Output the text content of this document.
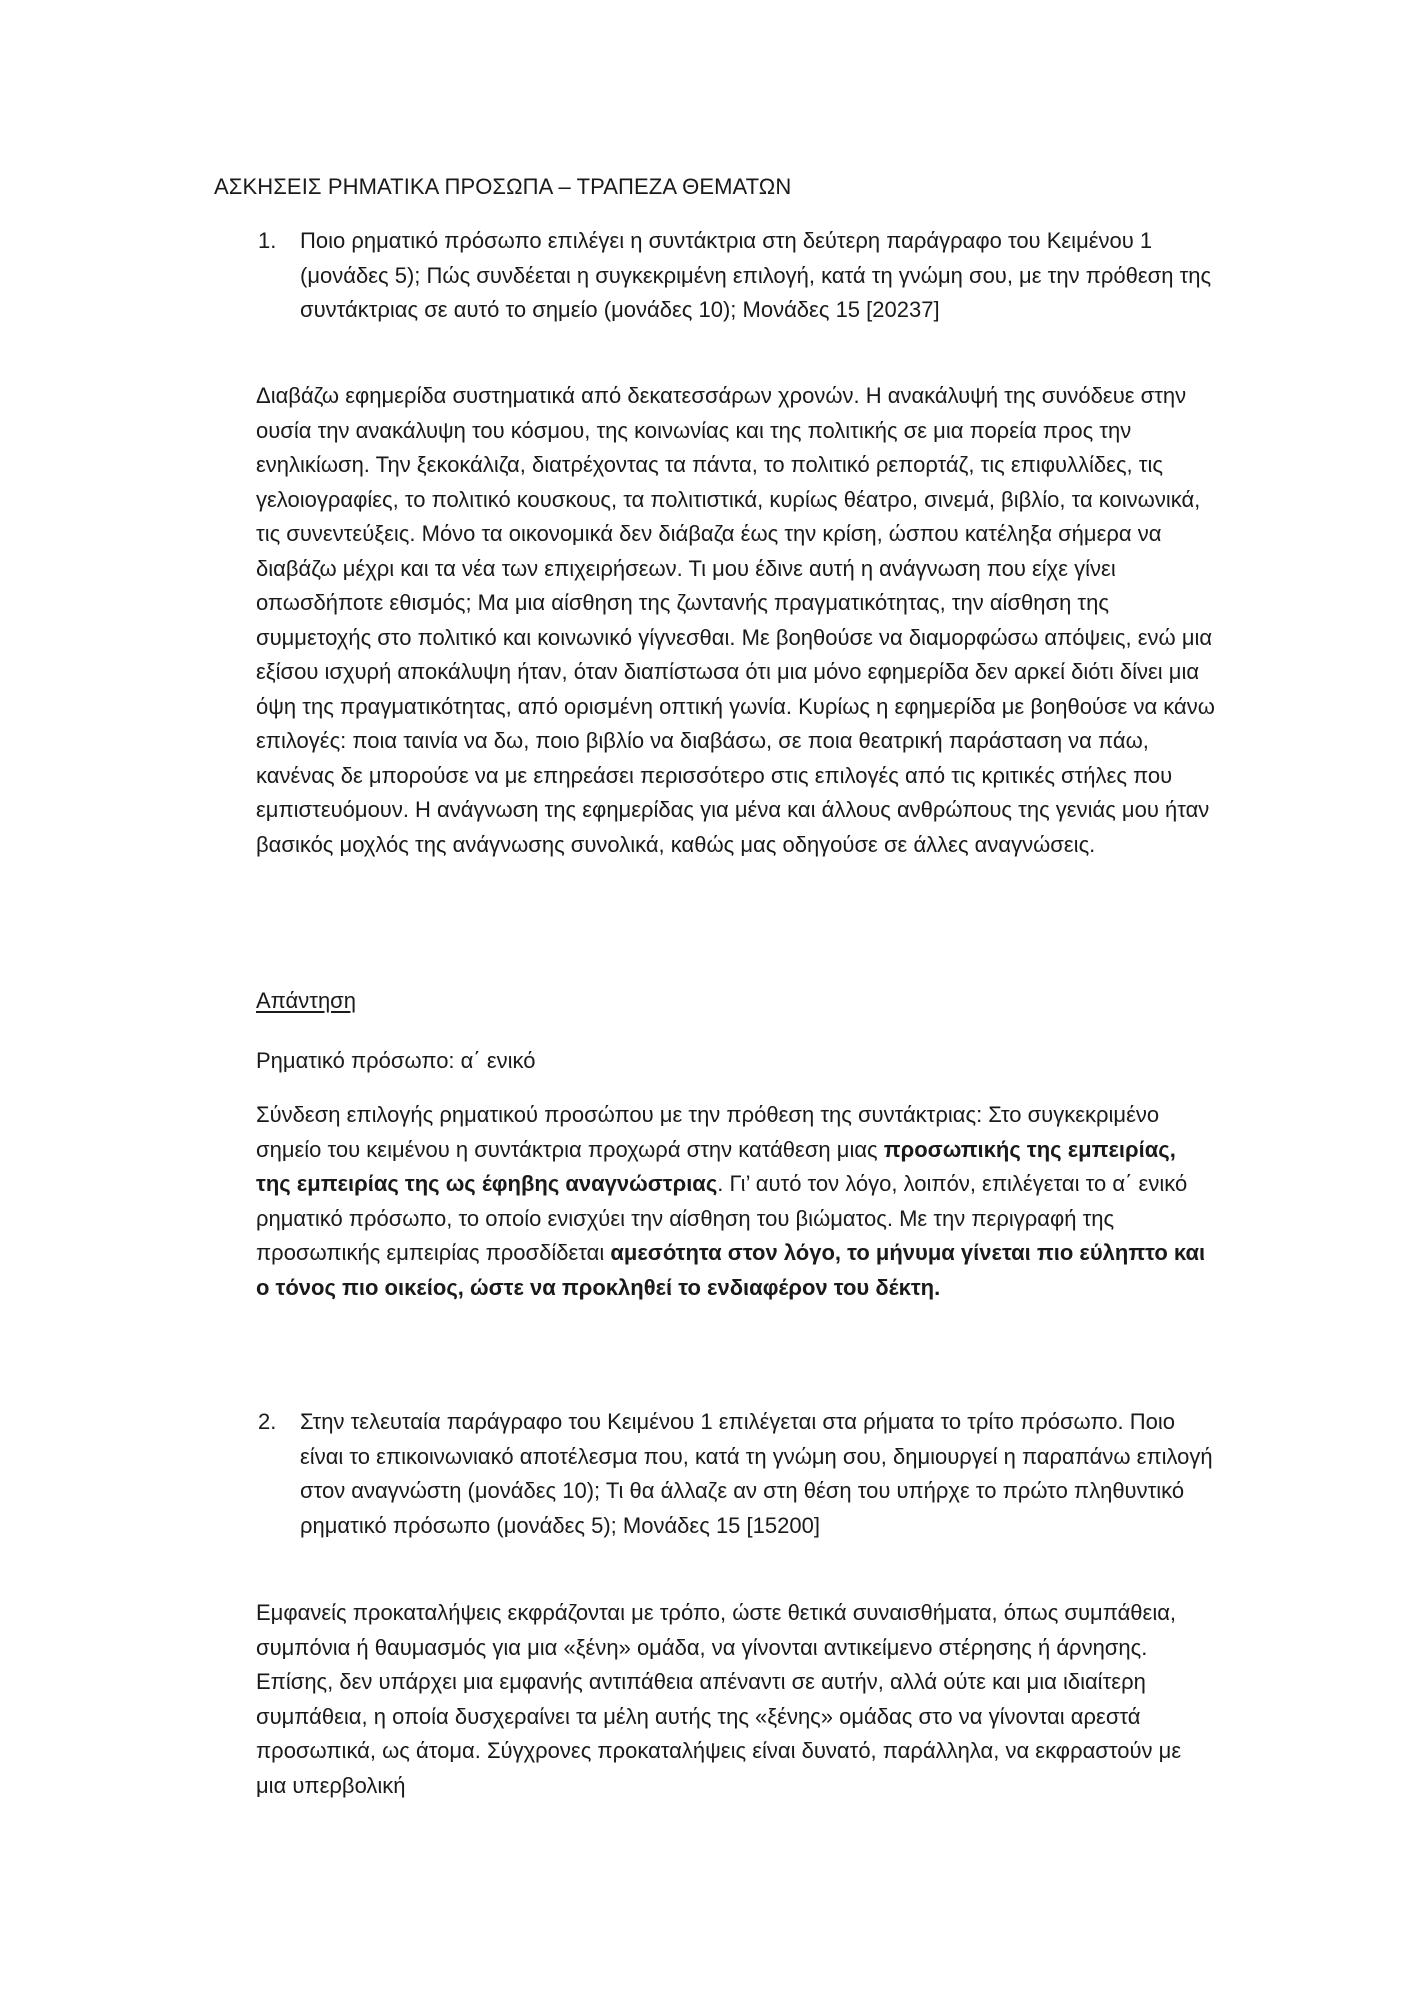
ΑΣΚΗΣΕΙΣ ΡΗΜΑΤΙΚΑ ΠΡΟΣΩΠΑ – ΤΡΑΠΕΖΑ ΘΕΜΑΤΩΝ
1.	Ποιο ρηματικό πρόσωπο επιλέγει η συντάκτρια στη δεύτερη παράγραφο του Κειμένου 1 (μονάδες 5); Πώς συνδέεται η συγκεκριμένη επιλογή, κατά τη γνώμη σου, με την πρόθεση της συντάκτριας σε αυτό το σημείο (μονάδες 10); Μονάδες 15 [20237]

Διαβάζω εφημερίδα συστηματικά από δεκατεσσάρων χρονών. Η ανακάλυψή της συνόδευε στην ουσία την ανακάλυψη του κόσμου, της κοινωνίας και της πολιτικής σε μια πορεία προς την ενηλικίωση. Την ξεκοκάλιζα, διατρέχοντας τα πάντα, το πολιτικό ρεπορτάζ, τις επιφυλλίδες, τις γελοιογραφίες, το πολιτικό κουσκους, τα πολιτιστικά, κυρίως θέατρο, σινεμά, βιβλίο, τα κοινωνικά, τις συνεντεύξεις. Μόνο τα οικονομικά δεν διάβαζα έως την κρίση, ώσπου κατέληξα σήμερα να διαβάζω μέχρι και τα νέα των επιχειρήσεων. Τι μου έδινε αυτή η ανάγνωση που είχε γίνει οπωσδήποτε εθισμός; Μα μια αίσθηση της ζωντανής πραγματικότητας, την αίσθηση της συμμετοχής στο πολιτικό και κοινωνικό γίγνεσθαι. Με βοηθούσε να διαμορφώσω απόψεις, ενώ μια εξίσου ισχυρή αποκάλυψη ήταν, όταν διαπίστωσα ότι μια μόνο εφημερίδα δεν αρκεί διότι δίνει μια όψη της πραγματικότητας, από ορισμένη οπτική γωνία. Κυρίως η εφημερίδα με βοηθούσε να κάνω επιλογές: ποια ταινία να δω, ποιο βιβλίο να διαβάσω, σε ποια θεατρική παράσταση να πάω, κανένας δε μπορούσε να με επηρεάσει περισσότερο στις επιλογές από τις κριτικές στήλες που εμπιστευόμουν. Η ανάγνωση της εφημερίδας για μένα και άλλους ανθρώπους της γενιάς μου ήταν βασικός μοχλός της ανάγνωσης συνολικά, καθώς μας οδηγούσε σε άλλες αναγνώσεις.

Απάντηση

Ρηματικό πρόσωπο: α΄ ενικό

Σύνδεση επιλογής ρηματικού προσώπου με την πρόθεση της συντάκτριας: Στο συγκεκριμένο σημείο του κειμένου η συντάκτρια προχωρά στην κατάθεση μιας προσωπικής της εμπειρίας, της εμπειρίας της ως έφηβης αναγνώστριας. Γι’ αυτό τον λόγο, λοιπόν, επιλέγεται το α΄ ενικό ρηματικό πρόσωπο, το οποίο ενισχύει την αίσθηση του βιώματος. Με την περιγραφή της προσωπικής εμπειρίας προσδίδεται αμεσότητα στον λόγο, το μήνυμα γίνεται πιο εύληπτο και ο τόνος πιο οικείος, ώστε να προκληθεί το ενδιαφέρον του δέκτη.

2.	Στην τελευταία παράγραφο του Κειμένου 1 επιλέγεται στα ρήματα το τρίτο πρόσωπο. Ποιο είναι το επικοινωνιακό αποτέλεσμα που, κατά τη γνώμη σου, δημιουργεί η παραπάνω επιλογή στον αναγνώστη (μονάδες 10); Τι θα άλλαζε αν στη θέση του υπήρχε το πρώτο πληθυντικό ρηματικό πρόσωπο (μονάδες 5); Μονάδες 15 [15200]

Εμφανείς προκαταλήψεις εκφράζονται με τρόπο, ώστε θετικά συναισθήματα, όπως συμπάθεια, συμπόνια ή θαυμασμός για μια «ξένη» ομάδα, να γίνονται αντικείμενο στέρησης ή άρνησης. Επίσης, δεν υπάρχει μια εμφανής αντιπάθεια απέναντι σε αυτήν, αλλά ούτε και μια ιδιαίτερη συμπάθεια, η οποία δυσχεραίνει τα μέλη αυτής της «ξένης» ομάδας στο να γίνονται αρεστά προσωπικά, ως άτομα. Σύγχρονες προκαταλήψεις είναι δυνατό, παράλληλα, να εκφραστούν με μια υπερβολική
